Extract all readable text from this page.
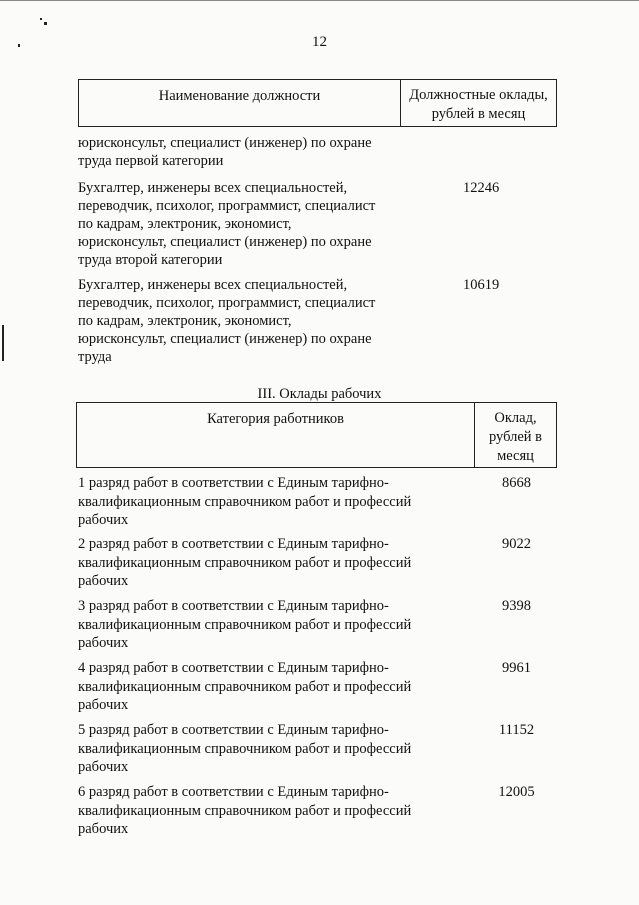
12
Наименование должности	Должностные оклады,
рублей в месяц
юрисконсульт, специалист (инженер) по охране
труда первой категории
Бухгалтер, инженеры всех специальностей,
переводчик, психолог, программист, специалист
по кадрам, электроник, экономист,
юрисконсульт, специалист (инженер) по охране
труда второй категории
12246
Бухгалтер, инженеры всех специальностей,
переводчик, психолог, программист, специалист
по кадрам, электроник, экономист,
юрисконсульт, специалист (инженер) по охране
труда
10619
III. Оклады рабочих
Категория работников	Оклад,
рублей в
месяц
1 разряд работ в соответствии с Единым тарифно-
квалификационным справочником работ и профессий
рабочих
8668
2 разряд работ в соответствии с Единым тарифно-
квалификационным справочником работ и профессий
рабочих
9022
3 разряд работ в соответствии с Единым тарифно-
квалификационным справочником работ и профессий
рабочих
9398
4 разряд работ в соответствии с Единым тарифно-
квалификационным справочником работ и профессий
рабочих
9961
5 разряд работ в соответствии с Единым тарифно-
квалификационным справочником работ и профессий
рабочих
11152
6 разряд работ в соответствии с Единым тарифно-
квалификационным справочником работ и профессий
рабочих
12005
